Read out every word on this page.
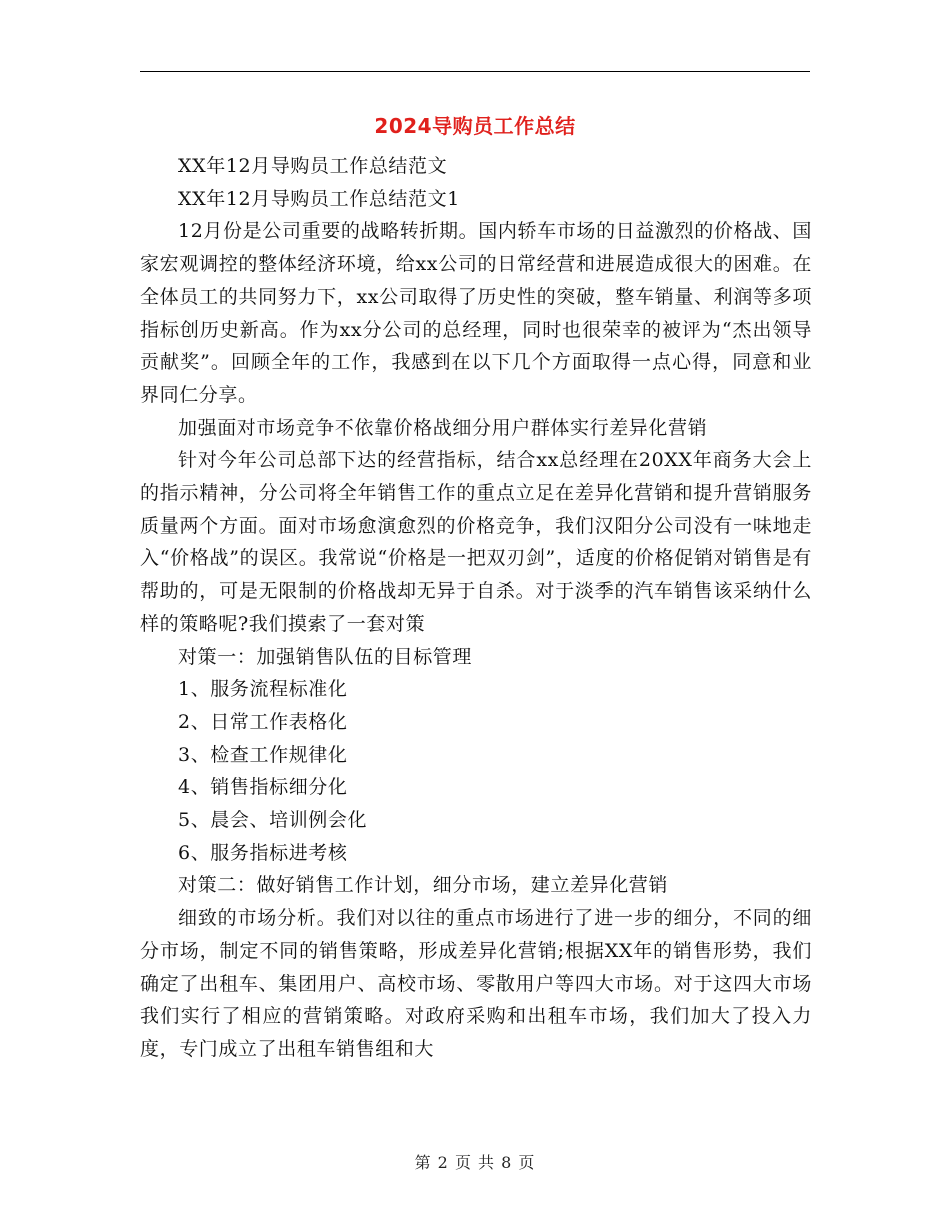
2024导购员工作总结

XX年12月导购员工作总结范文

XX年12月导购员工作总结范文1

12月份是公司重要的战略转折期。国内轿车市场的日益激烈的价格战、国家宏观调控的整体经济环境，给xx公司的日常经营和进展造成很大的困难。在全体员工的共同努力下，xx公司取得了历史性的突破，整车销量、利润等多项指标创历史新高。作为xx分公司的总经理，同时也很荣幸的被评为“杰出领导贡献奖”。回顾全年的工作，我感到在以下几个方面取得一点心得，同意和业界同仁分享。

加强面对市场竞争不依靠价格战细分用户群体实行差异化营销

针对今年公司总部下达的经营指标，结合xx总经理在20XX年商务大会上的指示精神，分公司将全年销售工作的重点立足在差异化营销和提升营销服务质量两个方面。面对市场愈演愈烈的价格竞争，我们汉阳分公司没有一味地走入“价格战”的误区。我常说“价格是一把双刃剑”，适度的价格促销对销售是有帮助的，可是无限制的价格战却无异于自杀。对于淡季的汽车销售该采纳什么样的策略呢?我们摸索了一套对策

对策一：加强销售队伍的目标管理

1、服务流程标准化

2、日常工作表格化

3、检查工作规律化

4、销售指标细分化

5、晨会、培训例会化

6、服务指标进考核

对策二：做好销售工作计划，细分市场，建立差异化营销

细致的市场分析。我们对以往的重点市场进行了进一步的细分，不同的细分市场，制定不同的销售策略，形成差异化营销;根据XX年的销售形势，我们确定了出租车、集团用户、高校市场、零散用户等四大市场。对于这四大市场我们实行了相应的营销策略。对政府采购和出租车市场，我们加大了投入力度，专门成立了出租车销售组和大

第 2 页 共 8 页
